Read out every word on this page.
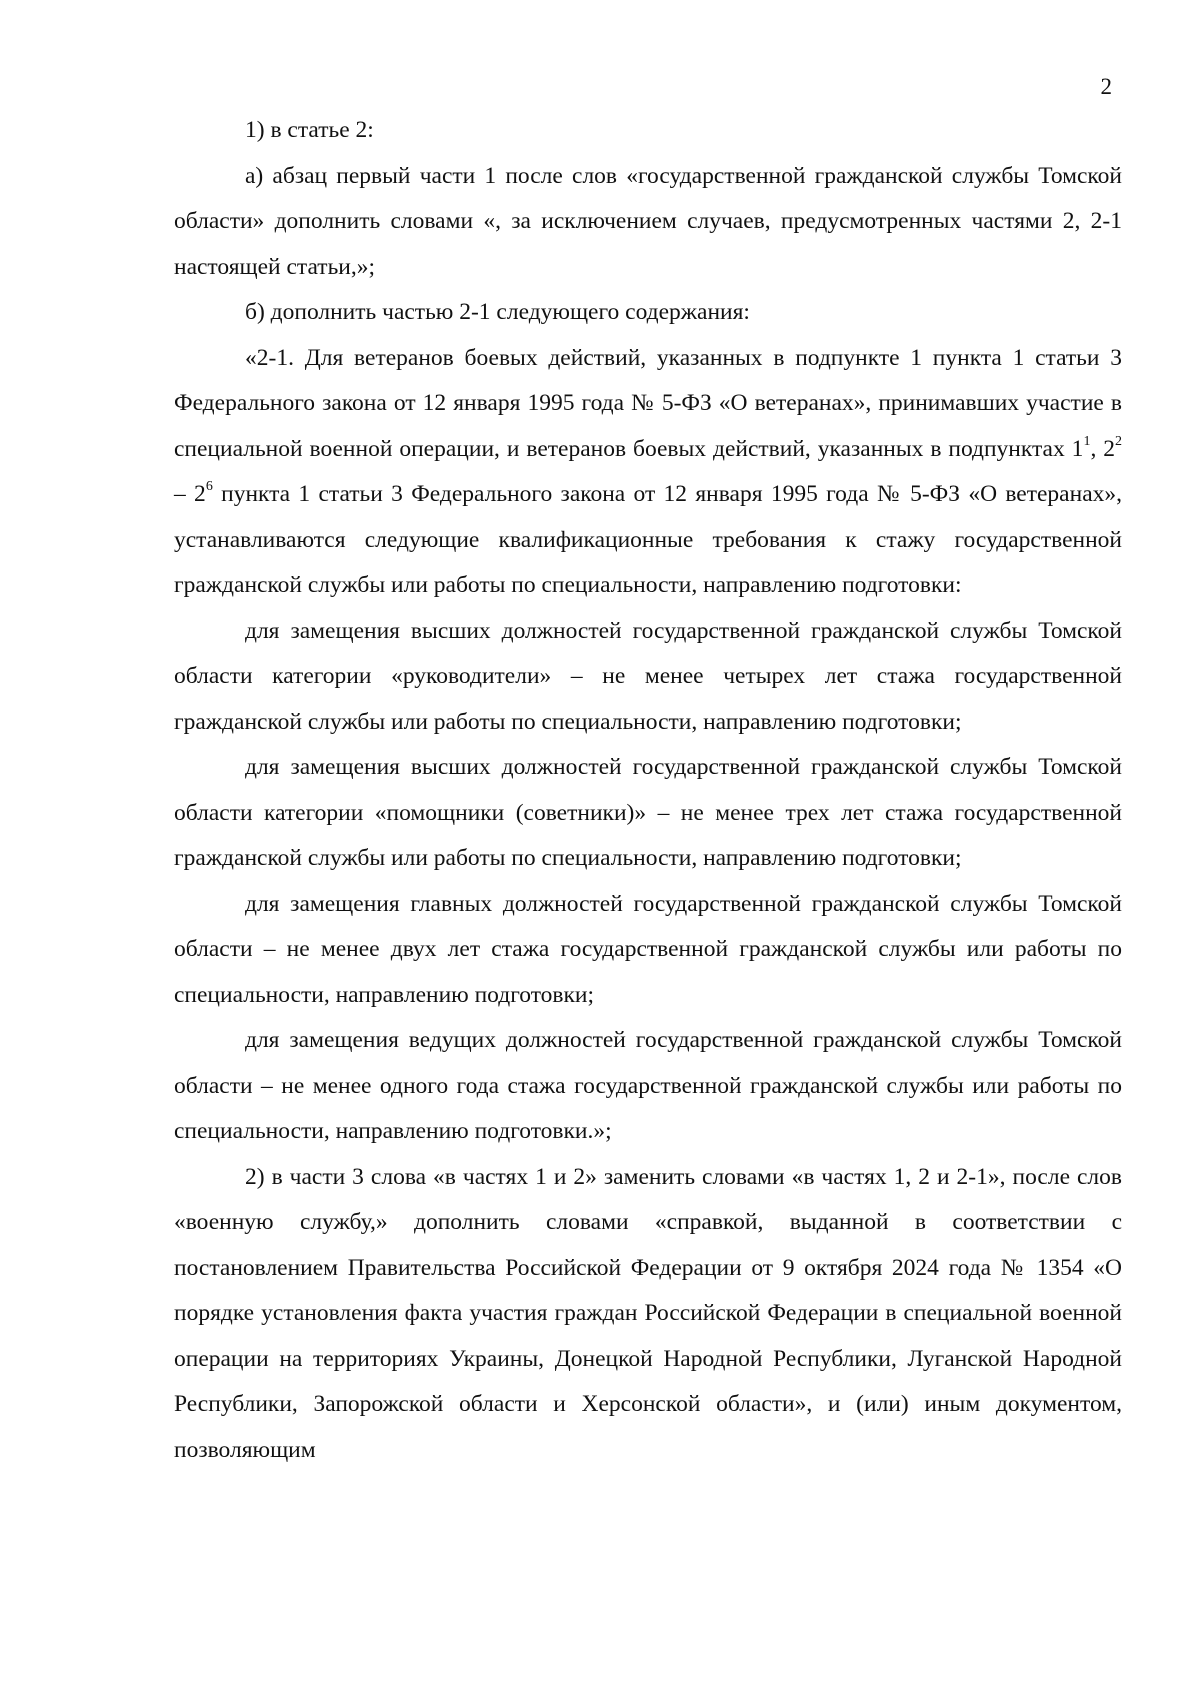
2

1) в статье 2:

а) абзац первый части 1 после слов «государственной гражданской службы Томской области» дополнить словами «, за исключением случаев, предусмотренных частями 2, 2-1 настоящей статьи,»;

б) дополнить частью 2-1 следующего содержания:

«2-1. Для ветеранов боевых действий, указанных в подпункте 1 пункта 1 статьи 3 Федерального закона от 12 января 1995 года № 5-ФЗ «О ветеранах», принимавших участие в специальной военной операции, и ветеранов боевых действий, указанных в подпунктах $1^1$, $2^2 - 2^6$ пункта 1 статьи 3 Федерального закона от 12 января 1995 года № 5-ФЗ «О ветеранах», устанавливаются следующие квалификационные требования к стажу государственной гражданской службы или работы по специальности, направлению подготовки:

для замещения высших должностей государственной гражданской службы Томской области категории «руководители» – не менее четырех лет стажа государственной гражданской службы или работы по специальности, направлению подготовки;

для замещения высших должностей государственной гражданской службы Томской области категории «помощники (советники)» – не менее трех лет стажа государственной гражданской службы или работы по специальности, направлению подготовки;

для замещения главных должностей государственной гражданской службы Томской области – не менее двух лет стажа государственной гражданской службы или работы по специальности, направлению подготовки;

для замещения ведущих должностей государственной гражданской службы Томской области – не менее одного года стажа государственной гражданской службы или работы по специальности, направлению подготовки.»;

2) в части 3 слова «в частях 1 и 2» заменить словами «в частях 1, 2 и 2-1», после слов «военную службу,» дополнить словами «справкой, выданной в соответствии с постановлением Правительства Российской Федерации от 9 октября 2024 года № 1354 «О порядке установления факта участия граждан Российской Федерации в специальной военной операции на территориях Украины, Донецкой Народной Республики, Луганской Народной Республики, Запорожской области и Херсонской области», и (или) иным документом, позволяющим
